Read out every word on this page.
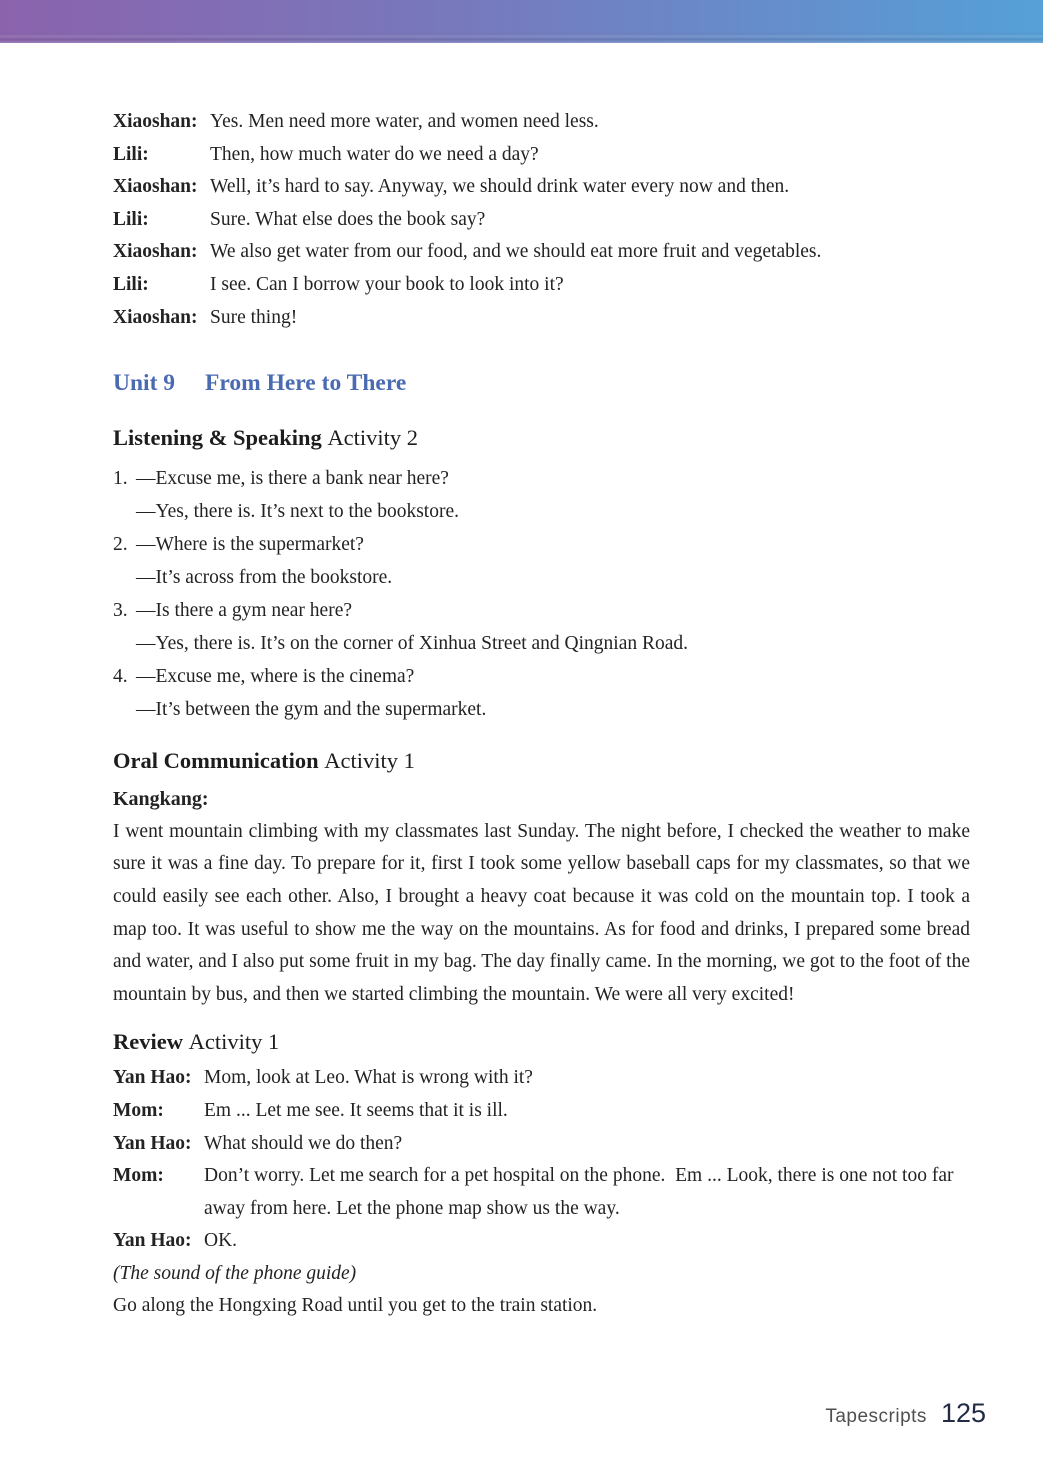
Xiaoshan: Yes. Men need more water, and women need less.
Lili:	Then, how much water do we need a day?
Xiaoshan: Well, it’s hard to say. Anyway, we should drink water every now and then.
Lili:	Sure. What else does the book say?
Xiaoshan: We also get water from our food, and we should eat more fruit and vegetables.
Lili:	I see. Can I borrow your book to look into it?
Xiaoshan: Sure thing!
Unit 9 From Here to There
Listening & Speaking Activity 2
1. —Excuse me, is there a bank near here?
—Yes, there is. It’s next to the bookstore.
2. —Where is the supermarket?
—It’s across from the bookstore.
3. —Is there a gym near here?
—Yes, there is. It’s on the corner of Xinhua Street and Qingnian Road.
4. —Excuse me, where is the cinema?
—It’s between the gym and the supermarket.
Oral Communication Activity 1
Kangkang:

I went mountain climbing with my classmates last Sunday. The night before, I checked the weather to make sure it was a fine day. To prepare for it, first I took some yellow baseball caps for my classmates, so that we could easily see each other. Also, I brought a heavy coat because it was cold on the mountain top. I took a map too. It was useful to show me the way on the mountains. As for food and drinks, I prepared some bread and water, and I also put some fruit in my bag. The day finally came. In the morning, we got to the foot of the mountain by bus, and then we started climbing the mountain. We were all very excited!

Review Activity 1
Yan Hao: Mom, look at Leo. What is wrong with it?
Mom:	Em ... Let me see. It seems that it is ill.
Yan Hao: What should we do then?
Mom:	Don’t worry. Let me search for a pet hospital on the phone.  Em ... Look, there is one not too far away from here. Let the phone map show us the way.
Yan Hao: OK.
(The sound of the phone guide)
Go along the Hongxing Road until you get to the train station.
Tapescripts 125
